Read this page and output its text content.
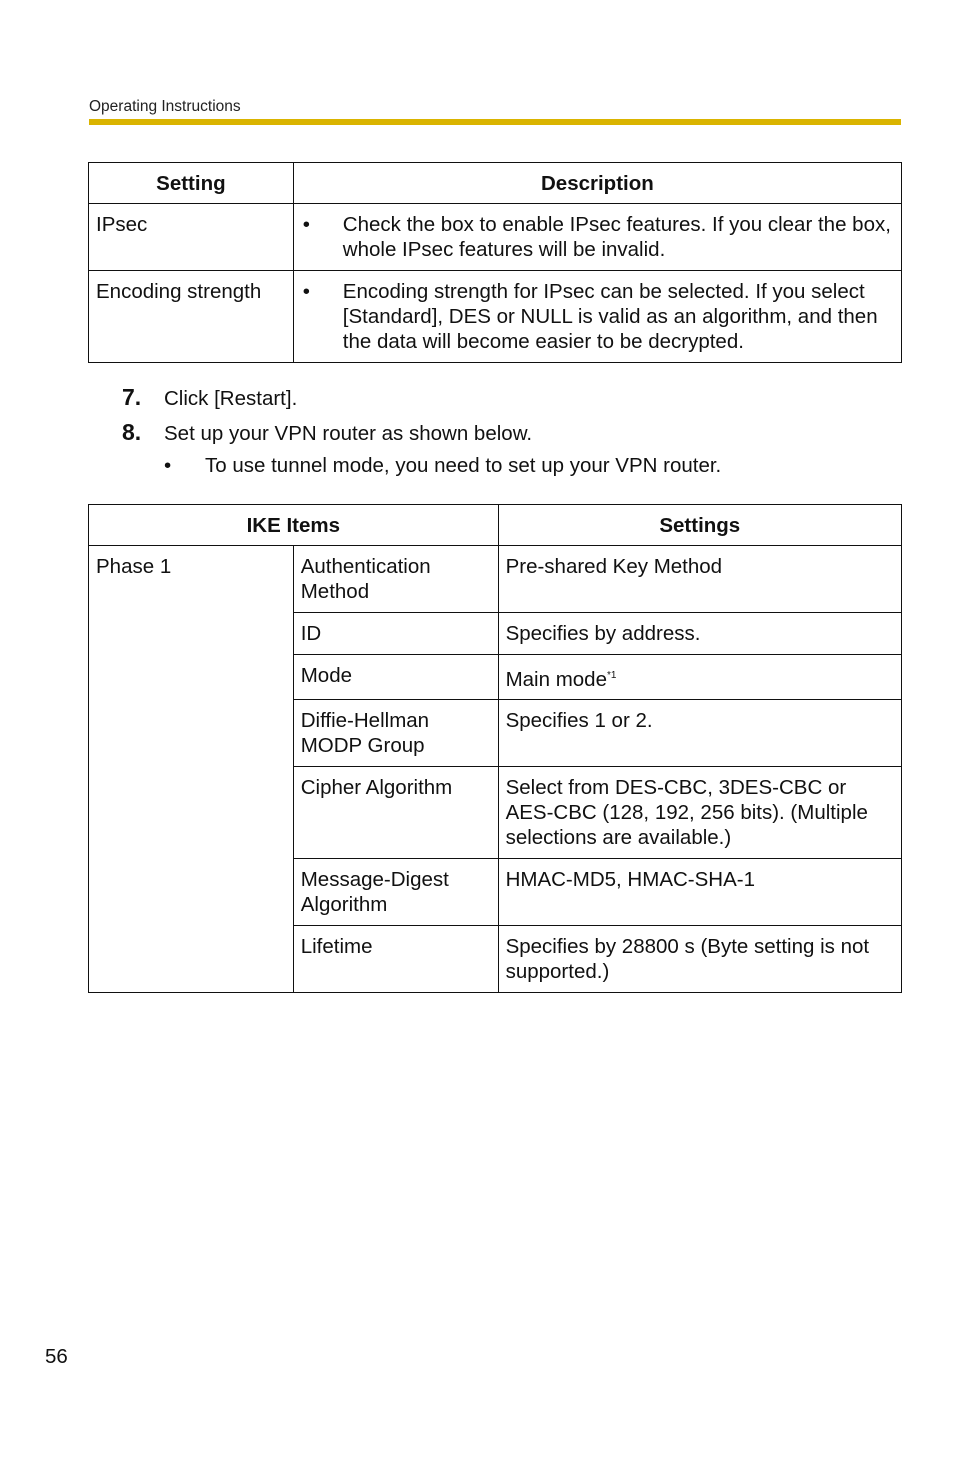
Operating Instructions
Setting	Description
IPsec	• Check the box to enable IPsec features. If you clear the box, whole IPsec features will be invalid.

Encoding strength	• Encoding strength for IPsec can be selected. If you select [Standard], DES or NULL is valid as an algorithm, and then the data will become easier to be decrypted.
7.	Click [Restart].
8.	Set up your VPN router as shown below.
•	To use tunnel mode, you need to set up your VPN router.
IKE Items		Settings
Phase 1	Authentication Method	Pre-shared Key Method
	ID	Specifies by address.
	Mode	Main mode$^{*1}$
	Diffie-Hellman MODP Group	Specifies 1 or 2.
	Cipher Algorithm	Select from DES-CBC, 3DES-CBC or AES-CBC (128, 192, 256 bits). (Multiple selections are available.)
	Message-Digest Algorithm	HMAC-MD5, HMAC-SHA-1
	Lifetime	Specifies by 28800 s (Byte setting is not supported.)
56
